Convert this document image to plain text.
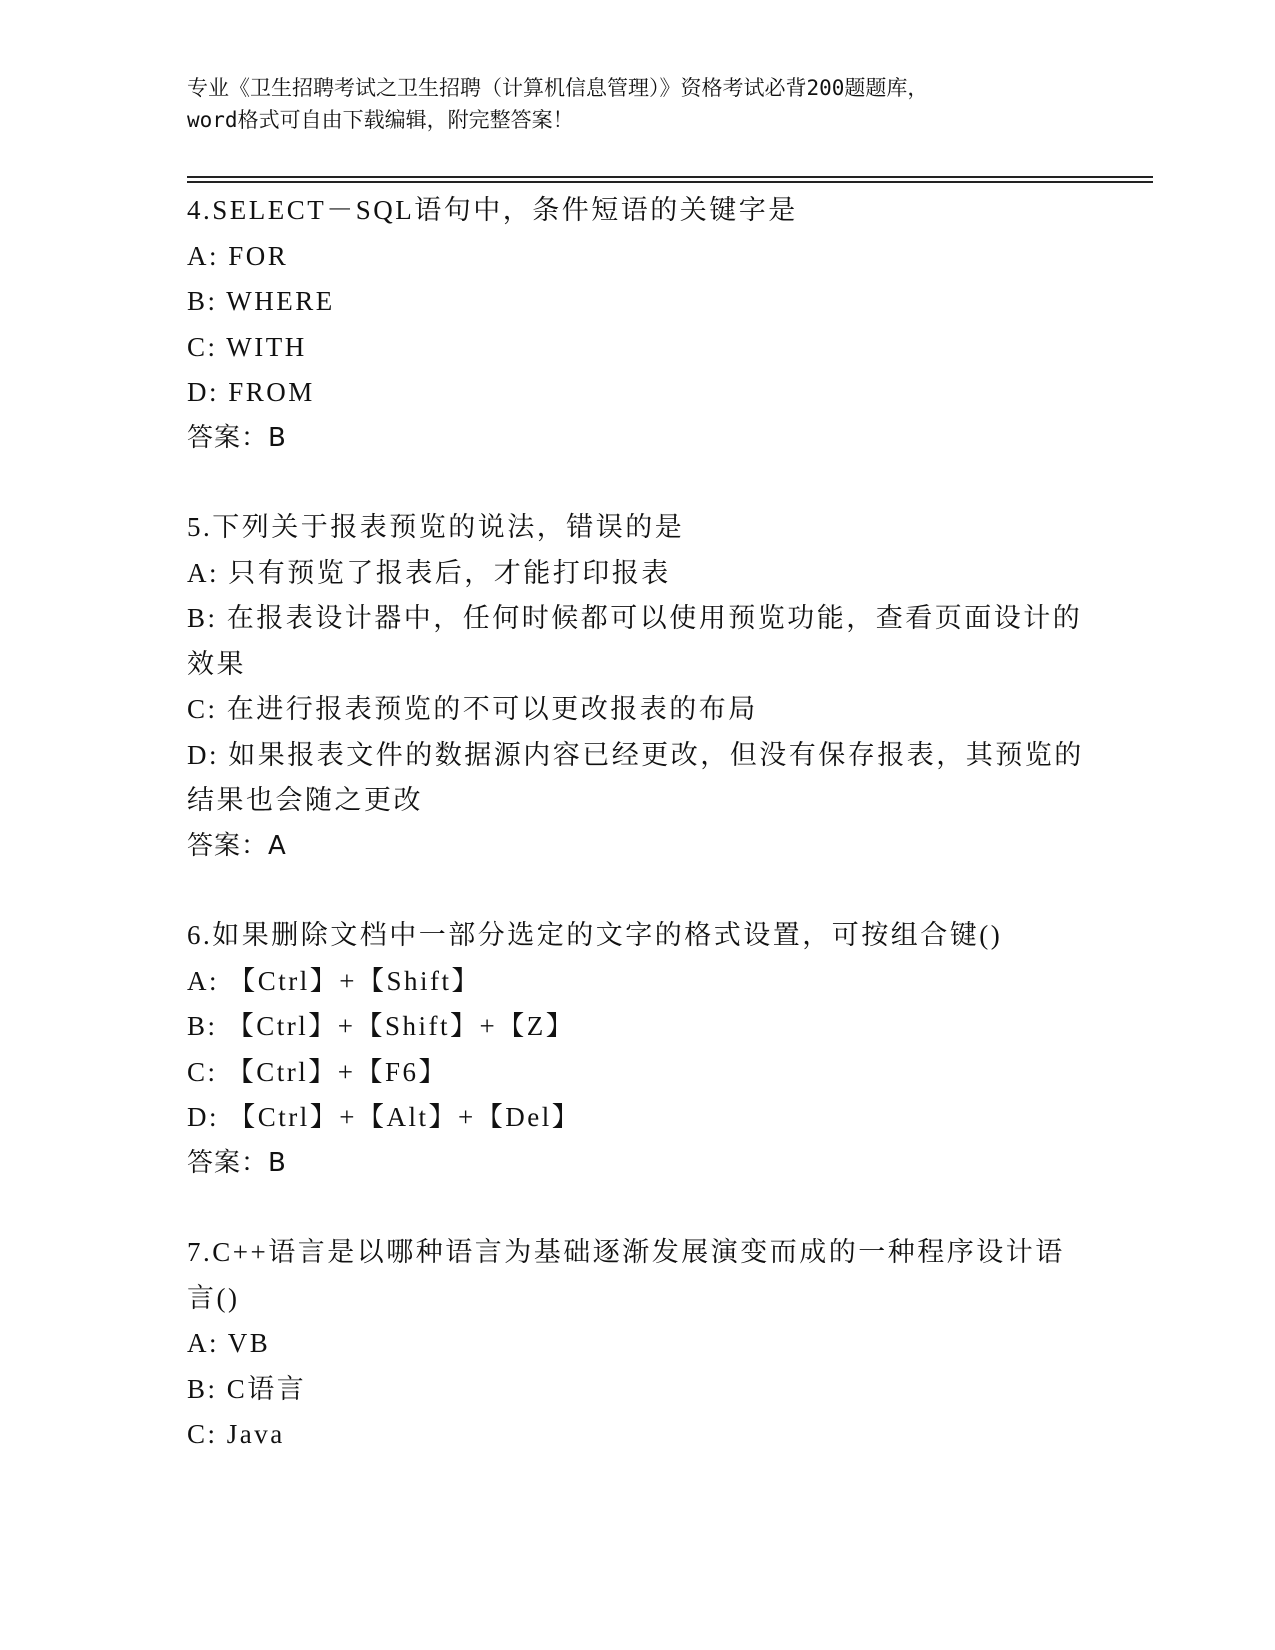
专业《卫生招聘考试之卫生招聘（计算机信息管理）》资格考试必背200题题库，
word格式可自由下载编辑，附完整答案！
4.SELECT－SQL语句中，条件短语的关键字是
A: FOR
B: WHERE
C: WITH
D: FROM
答案：B
5.下列关于报表预览的说法，错误的是
A: 只有预览了报表后，才能打印报表
B: 在报表设计器中，任何时候都可以使用预览功能，查看页面设计的效果
C: 在进行报表预览的不可以更改报表的布局
D: 如果报表文件的数据源内容已经更改，但没有保存报表，其预览的结果也会随之更改
答案：A
6.如果删除文档中一部分选定的文字的格式设置，可按组合键()
A: 【Ctrl】+【Shift】
B: 【Ctrl】+【Shift】+【Z】
C: 【Ctrl】+【F6】
D: 【Ctrl】+【Alt】+【Del】
答案：B
7.C++语言是以哪种语言为基础逐渐发展演变而成的一种程序设计语言()
A: VB
B: C语言
C: Java
